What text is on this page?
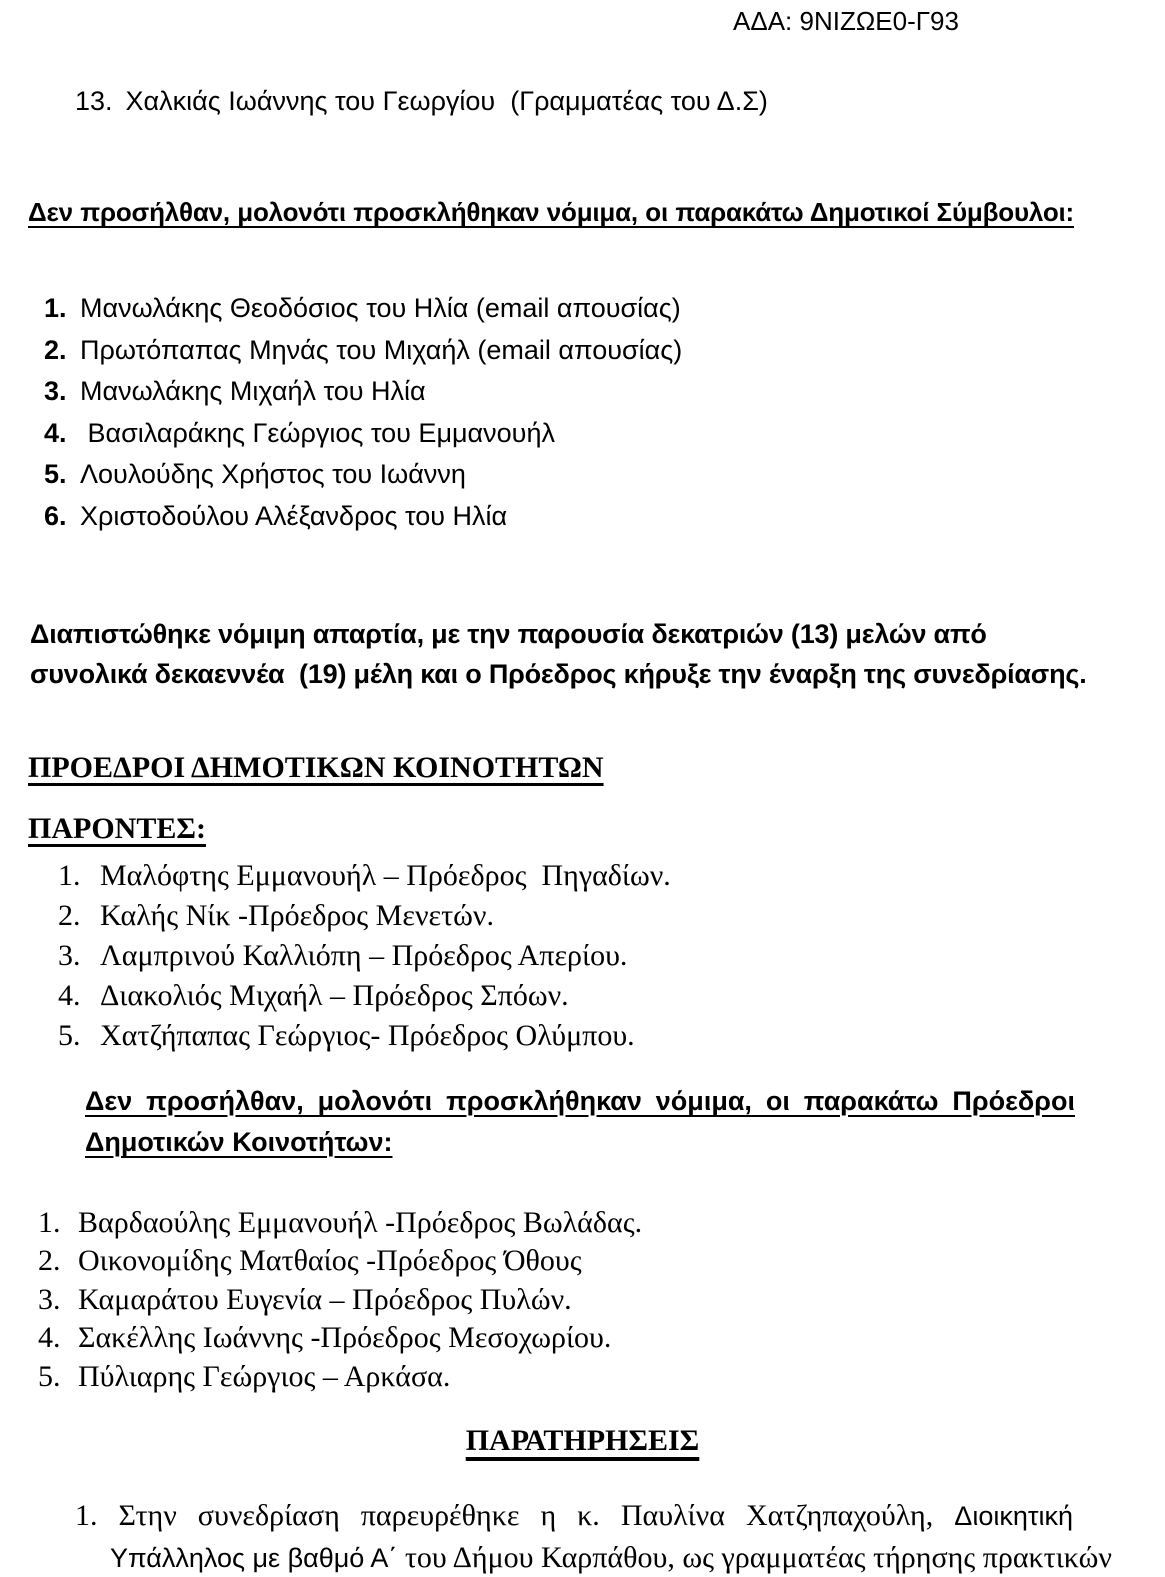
ΑΔΑ: 9ΝΙΖΩΕ0-Γ93
13. Χαλκιάς Ιωάννης του Γεωργίου  (Γραμματέας του Δ.Σ)
Δεν προσήλθαν, μολονότι προσκλήθηκαν νόμιμα, οι παρακάτω Δημοτικοί Σύμβουλοι:
1. Μανωλάκης Θεοδόσιος του Ηλία (email απουσίας)
2. Πρωτόπαπας Μηνάς του Μιχαήλ (email απουσίας)
3. Μανωλάκης Μιχαήλ του Ηλία
4. Βασιλαράκης Γεώργιος του Εμμανουήλ
5. Λουλούδης Χρήστος του Ιωάννη
6. Χριστοδούλου Αλέξανδρος του Ηλία
Διαπιστώθηκε νόμιμη απαρτία, με την παρουσία δεκατριών (13) μελών από
συνολικά δεκαεννέα  (19) μέλη και ο Πρόεδρος κήρυξε την έναρξη της συνεδρίασης.
ΠΡΟΕΔΡΟΙ ΔΗΜΟΤΙΚΩΝ ΚΟΙΝΟΤΗΤΩΝ
ΠΑΡΟΝΤΕΣ:
1. Μαλόφτης Εμμανουήλ – Πρόεδρος  Πηγαδίων.
2. Καλής Νίκ -Πρόεδρος Μενετών.
3. Λαμπρινού Καλλιόπη – Πρόεδρος Απερίου.
4. Διακολιός Μιχαήλ – Πρόεδρος Σπόων.
5. Χατζήπαπας Γεώργιος- Πρόεδρος Ολύμπου.
Δεν προσήλθαν, μολονότι προσκλήθηκαν νόμιμα, οι παρακάτω Πρόεδροι
Δημοτικών Κοινοτήτων:
1. Βαρδαούλης Εμμανουήλ -Πρόεδρος Βωλάδας.
2. Οικονομίδης Ματθαίος -Πρόεδρος Όθους
3. Καμαράτου Ευγενία – Πρόεδρος Πυλών.
4. Σακέλλης Ιωάννης -Πρόεδρος Μεσοχωρίου.
5. Πύλιαρης Γεώργιος – Αρκάσα.
ΠΑΡΑΤΗΡΗΣΕΙΣ
1. Στην συνεδρίαση παρευρέθηκε η κ. Παυλίνα Χατζηπαχούλη, Διοικητική
Υπάλληλος με βαθμό Α΄ του Δήμου Καρπάθου, ως γραμματέας τήρησης πρακτικών
